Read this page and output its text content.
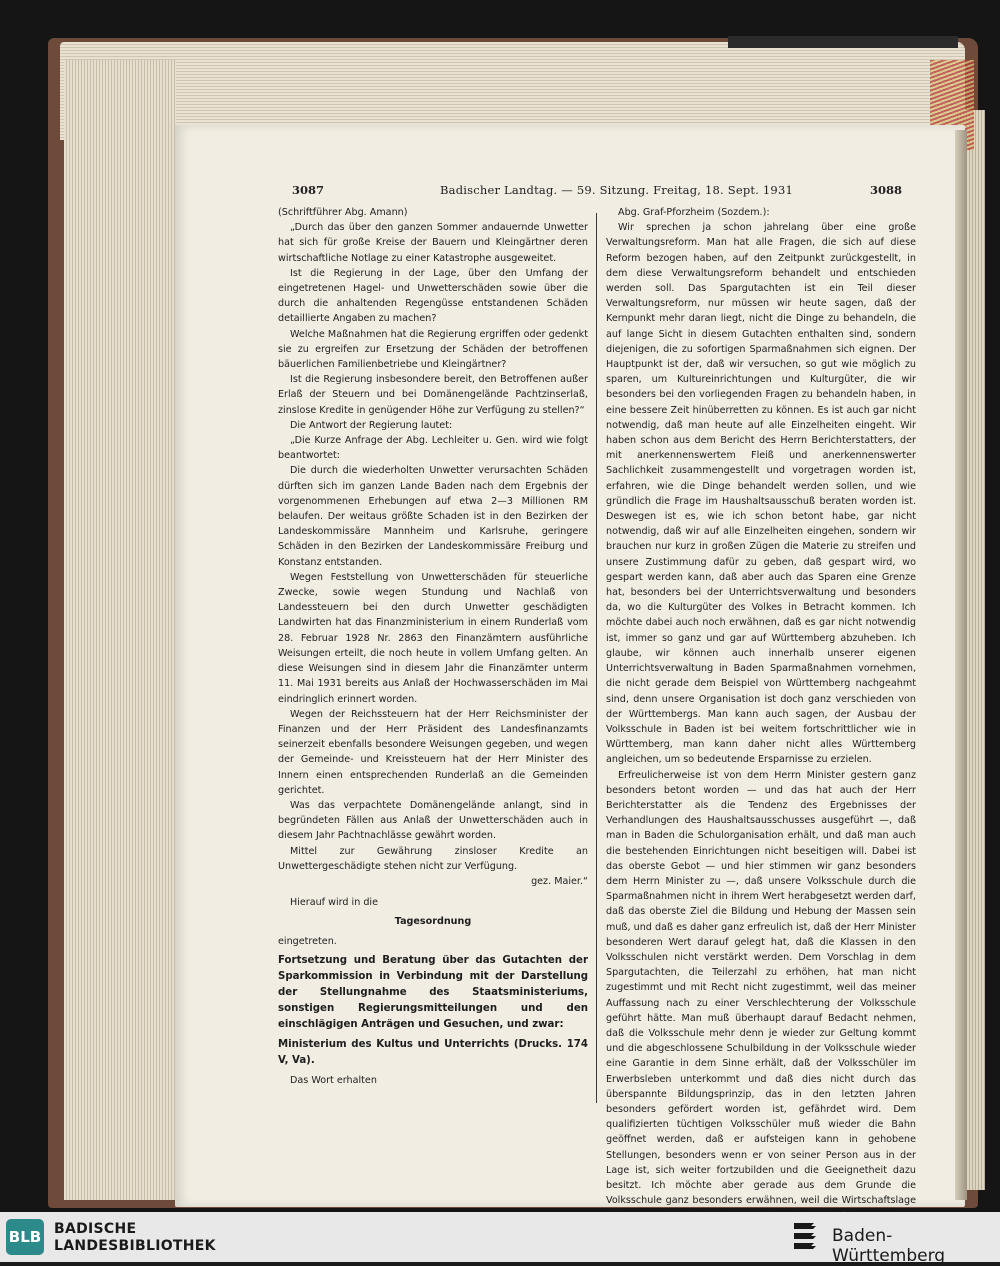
3087	Badischer Landtag. — 59. Sitzung. Freitag, 18. Sept. 1931	3088

(Schriftführer Abg. Amann)

„Durch das über den ganzen Sommer andauernde Unwetter hat sich für große Kreise der Bauern und Kleingärtner deren wirtschaftliche Notlage zu einer Katastrophe ausgeweitet.

Ist die Regierung in der Lage, über den Umfang der eingetretenen Hagel- und Unwetterschäden sowie über die durch die anhaltenden Regengüsse entstandenen Schäden detaillierte Angaben zu machen?

Welche Maßnahmen hat die Regierung ergriffen oder gedenkt sie zu ergreifen zur Ersetzung der Schäden der betroffenen bäuerlichen Familienbetriebe und Kleingärtner?

Ist die Regierung insbesondere bereit, den Betroffenen außer Erlaß der Steuern und bei Domänengelände Pachtzinserlaß, zinslose Kredite in genügender Höhe zur Verfügung zu stellen?“

Die Antwort der Regierung lautet:

„Die Kurze Anfrage der Abg. Lechleiter u. Gen. wird wie folgt beantwortet:

Die durch die wiederholten Unwetter verursachten Schäden dürften sich im ganzen Lande Baden nach dem Ergebnis der vorgenommenen Erhebungen auf etwa 2—3 Millionen RM belaufen. Der weitaus größte Schaden ist in den Bezirken der Landeskommissäre Mannheim und Karlsruhe, geringere Schäden in den Bezirken der Landeskommissäre Freiburg und Konstanz entstanden.

Wegen Feststellung von Unwetterschäden für steuerliche Zwecke, sowie wegen Stundung und Nachlaß von Landessteuern bei den durch Unwetter geschädigten Landwirten hat das Finanzministerium in einem Runderlaß vom 28. Februar 1928 Nr. 2863 den Finanzämtern ausführliche Weisungen erteilt, die noch heute in vollem Umfang gelten. An diese Weisungen sind in diesem Jahr die Finanzämter unterm 11. Mai 1931 bereits aus Anlaß der Hochwasserschäden im Mai eindringlich erinnert worden.

Wegen der Reichssteuern hat der Herr Reichsminister der Finanzen und der Herr Präsident des Landesfinanzamts seinerzeit ebenfalls besondere Weisungen gegeben, und wegen der Gemeinde- und Kreissteuern hat der Herr Minister des Innern einen entsprechenden Runderlaß an die Gemeinden gerichtet.

Was das verpachtete Domänengelände anlangt, sind in begründeten Fällen aus Anlaß der Unwetterschäden auch in diesem Jahr Pachtnachlässe gewährt worden.

Mittel zur Gewährung zinsloser Kredite an Unwettergeschädigte stehen nicht zur Verfügung.

gez. Maier.“

Hierauf wird in die

Tagesordnung

eingetreten.

Fortsetzung und Beratung über das Gutachten der Sparkommission in Verbindung mit der Darstellung der Stellungnahme des Staatsministeriums, sonstigen Regierungsmitteilungen und den einschlägigen Anträgen und Gesuchen, und zwar:

Ministerium des Kultus und Unterrichts (Drucks. 174 V, Va).

Das Wort erhalten

Abg. Graf-Pforzheim (Sozdem.):

Wir sprechen ja schon jahrelang über eine große Verwaltungsreform. Man hat alle Fragen, die sich auf diese Reform bezogen haben, auf den Zeitpunkt zurückgestellt, in dem diese Verwaltungsreform behandelt und entschieden werden soll. Das Spargutachten ist ein Teil dieser Verwaltungsreform, nur müssen wir heute sagen, daß der Kernpunkt mehr daran liegt, nicht die Dinge zu behandeln, die auf lange Sicht in diesem Gutachten enthalten sind, sondern diejenigen, die zu sofortigen Sparmaßnahmen sich eignen. Der Hauptpunkt ist der, daß wir versuchen, so gut wie möglich zu sparen, um Kultureinrichtungen und Kulturgüter, die wir besonders bei den vorliegenden Fragen zu behandeln haben, in eine bessere Zeit hinüberretten zu können. Es ist auch gar nicht notwendig, daß man heute auf alle Einzelheiten eingeht. Wir haben schon aus dem Bericht des Herrn Berichterstatters, der mit anerkennenswertem Fleiß und anerkennenswerter Sachlichkeit zusammengestellt und vorgetragen worden ist, erfahren, wie die Dinge behandelt werden sollen, und wie gründlich die Frage im Haushaltsausschuß beraten worden ist. Deswegen ist es, wie ich schon betont habe, gar nicht notwendig, daß wir auf alle Einzelheiten eingehen, sondern wir brauchen nur kurz in großen Zügen die Materie zu streifen und unsere Zustimmung dafür zu geben, daß gespart wird, wo gespart werden kann, daß aber auch das Sparen eine Grenze hat, besonders bei der Unterrichtsverwaltung und besonders da, wo die Kulturgüter des Volkes in Betracht kommen. Ich möchte dabei auch noch erwähnen, daß es gar nicht notwendig ist, immer so ganz und gar auf Württemberg abzuheben. Ich glaube, wir können auch innerhalb unserer eigenen Unterrichtsverwaltung in Baden Sparmaßnahmen vornehmen, die nicht gerade dem Beispiel von Württemberg nachgeahmt sind, denn unsere Organisation ist doch ganz verschieden von der Württembergs. Man kann auch sagen, der Ausbau der Volksschule in Baden ist bei weitem fortschrittlicher wie in Württemberg, man kann daher nicht alles Württemberg angleichen, um so bedeutende Ersparnisse zu erzielen.

Erfreulicherweise ist von dem Herrn Minister gestern ganz besonders betont worden — und das hat auch der Herr Berichterstatter als die Tendenz des Ergebnisses der Verhandlungen des Haushaltsausschusses ausgeführt —, daß man in Baden die Schulorganisation erhält, und daß man auch die bestehenden Einrichtungen nicht beseitigen will. Dabei ist das oberste Gebot — und hier stimmen wir ganz besonders dem Herrn Minister zu —, daß unsere Volksschule durch die Sparmaßnahmen nicht in ihrem Wert herabgesetzt werden darf, daß das oberste Ziel die Bildung und Hebung der Massen sein muß, und daß es daher ganz erfreulich ist, daß der Herr Minister besonderen Wert darauf gelegt hat, daß die Klassen in den Volksschulen nicht verstärkt werden. Dem Vorschlag in dem Spargutachten, die Teilerzahl zu erhöhen, hat man nicht zugestimmt und mit Recht nicht zugestimmt, weil das meiner Auffassung nach zu einer Verschlechterung der Volksschule geführt hätte. Man muß überhaupt darauf Bedacht nehmen, daß die Volksschule mehr denn je wieder zur Geltung kommt und die abgeschlossene Schulbildung in der Volksschule wieder eine Garantie in dem Sinne erhält, daß der Volksschüler im Erwerbsleben unterkommt und daß dies nicht durch das überspannte Bildungsprinzip, das in den letzten Jahren besonders gefördert worden ist, gefährdet wird. Dem qualifizierten tüchtigen Volksschüler muß wieder die Bahn geöffnet werden, daß er aufsteigen kann in gehobene Stellungen, besonders wenn er von seiner Person aus in der Lage ist, sich weiter fortzubilden und die Geeignetheit dazu besitzt. Ich möchte aber gerade aus dem Grunde die Volksschule ganz besonders erwähnen, weil die Wirtschaftslage

BLB BADISCHE
LANDESBIBLIOTHEK	Baden-Württemberg
